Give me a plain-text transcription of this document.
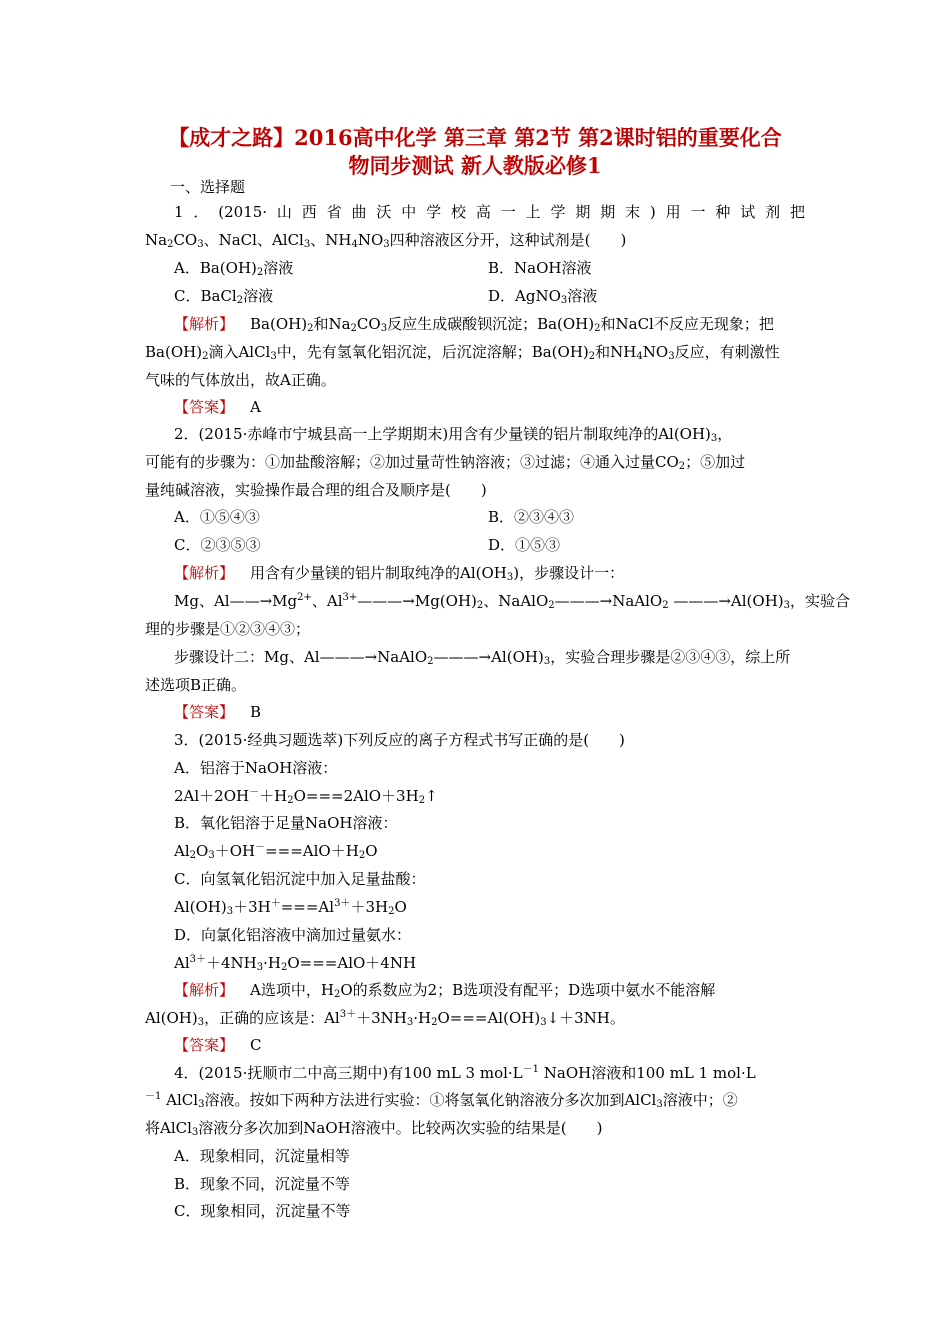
【成才之路】2016高中化学 第三章 第2节 第2课时铝的重要化合
物同步测试 新人教版必修1
一、选择题
1．(2015·山西省曲沃中学校高一上学期期末)用一种试剂把
$Na_2CO_3$、NaCl、AlCl$_3$、$NH_4NO_3$四种溶液区分开，这种试剂是(　　)
A．$Ba(OH)_2$溶液	B．NaOH溶液
C．BaCl$_2$溶液	D．AgNO$_3$溶液
【解析】 $Ba(OH)_2$和$Na_2CO_3$反应生成碳酸钡沉淀；$Ba(OH)_2$和NaCl不反应无现象；把
$Ba(OH)_2$滴入AlCl$_3$中，先有氢氧化铝沉淀，后沉淀溶解；$Ba(OH)_2$和$NH_4NO_3$反应，有刺激性
气味的气体放出，故A正确。
【答案】 A
2．(2015·赤峰市宁城县高一上学期期末)用含有少量镁的铝片制取纯净的$Al(OH)_3$，
可能有的步骤为：①加盐酸溶解；②加过量苛性钠溶液；③过滤；④通入过量$CO_2$；⑤加过
量纯碱溶液，实验操作最合理的组合及顺序是(　　)
A．①⑤④③	B．②③④③
C．②③⑤③	D．①⑤③
【解析】 用含有少量镁的铝片制取纯净的$Al(OH_3)$，步骤设计一：
Mg、$Al——\to Mg^{2+}$、$Al^{3+}———\to Mg(OH)_2$、NaAlO$_2$———→NaAlO$_2$ $———\to Al(OH)_3$，实验合
理的步骤是①②③④③；
步骤设计二：Mg、$Al———\to NaAlO_2———\to Al(OH)_3$，实验合理步骤是②③④③，综上所
述选项B正确。
【答案】 B
3．(2015·经典习题选萃)下列反应的离子方程式书写正确的是(　　)
A．铝溶于NaOH溶液：
$2Al+2OH^-+H_2O===2AlO+3H_2↑$
B．氧化铝溶于足量NaOH溶液：
$Al_2O_3+OH^-===AlO+H_2O$
C．向氢氧化铝沉淀中加入足量盐酸：
$Al(OH)_3+3H^+===Al^{3+}+3H_2O$
D．向氯化铝溶液中滴加过量氨水：
$Al^{3+}+4NH_3\cdot H_2O===AlO+4NH$
【解析】 A选项中，$H_2O$的系数应为2；B选项没有配平；D选项中氨水不能溶解
$Al(OH)_3$，正确的应该是：$Al^{3+}+3NH_3\cdot H_2O===Al(OH)_3↓+3NH$。
【答案】 C
4．(2015·抚顺市二中高三期中)有100 mL 3 $mol\cdot L^{-1}$ NaOH溶液和100 mL 1 mol·L
$^{-1}$ AlCl$_3$溶液。按如下两种方法进行实验：①将氢氧化钠溶液分多次加到AlCl$_3$溶液中；②
将AlCl$_3$溶液分多次加到NaOH溶液中。比较两次实验的结果是(　　)
A．现象相同，沉淀量相等
B．现象不同，沉淀量不等
C．现象相同，沉淀量不等
